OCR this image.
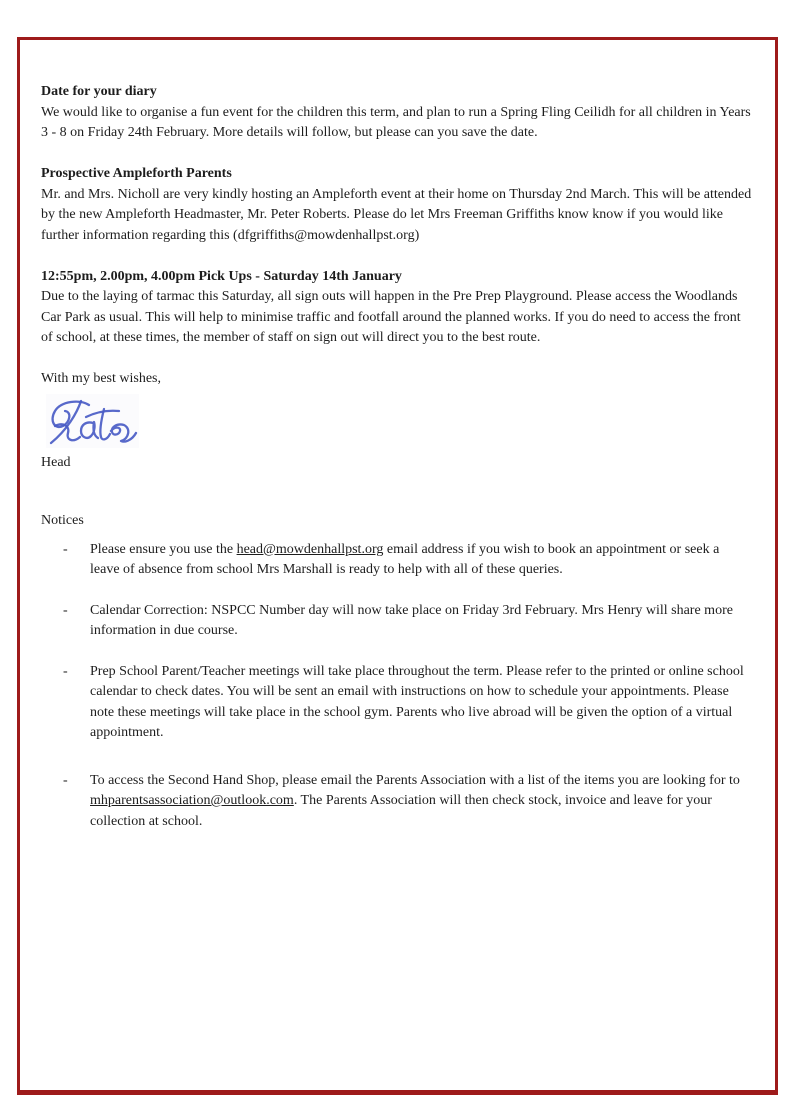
Date for your diary

We would like to organise a fun event for the children this term, and plan to run a Spring Fling Ceilidh for all children in Years 3 - 8 on Friday 24th February. More details will follow, but please can you save the date.

Prospective Ampleforth Parents

Mr. and Mrs. Nicholl are very kindly hosting an Ampleforth event at their home on Thursday 2nd March. This will be attended by the new Ampleforth Headmaster, Mr. Peter Roberts. Please do let Mrs Freeman Griffiths know know if you would like further information regarding this (dfgriffiths@mowdenhallpst.org)

12:55pm, 2.00pm, 4.00pm Pick Ups - Saturday 14th January

Due to the laying of tarmac this Saturday, all sign outs will happen in the Pre Prep Playground. Please access the Woodlands Car Park as usual. This will help to minimise traffic and footfall around the planned works. If you do need to access the front of school, at these times, the member of staff on sign out will direct you to the best route.

With my best wishes,

Head

Notices
-	Please ensure you use the head@mowdenhallpst.org email address if you wish to book an appointment or seek a leave of absence from school Mrs Marshall is ready to help with all of these queries.
-	Calendar Correction: NSPCC Number day will now take place on Friday 3rd February. Mrs Henry will share more information in due course.
-	Prep School Parent/Teacher meetings will take place throughout the term. Please refer to the printed or online school calendar to check dates. You will be sent an email with instructions on how to schedule your appointments. Please note these meetings will take place in the school gym. Parents who live abroad will be given the option of a virtual appointment.
-	To access the Second Hand Shop, please email the Parents Association with a list of the items you are looking for to mhparentsassociation@outlook.com. The Parents Association will then check stock, invoice and leave for your collection at school.
